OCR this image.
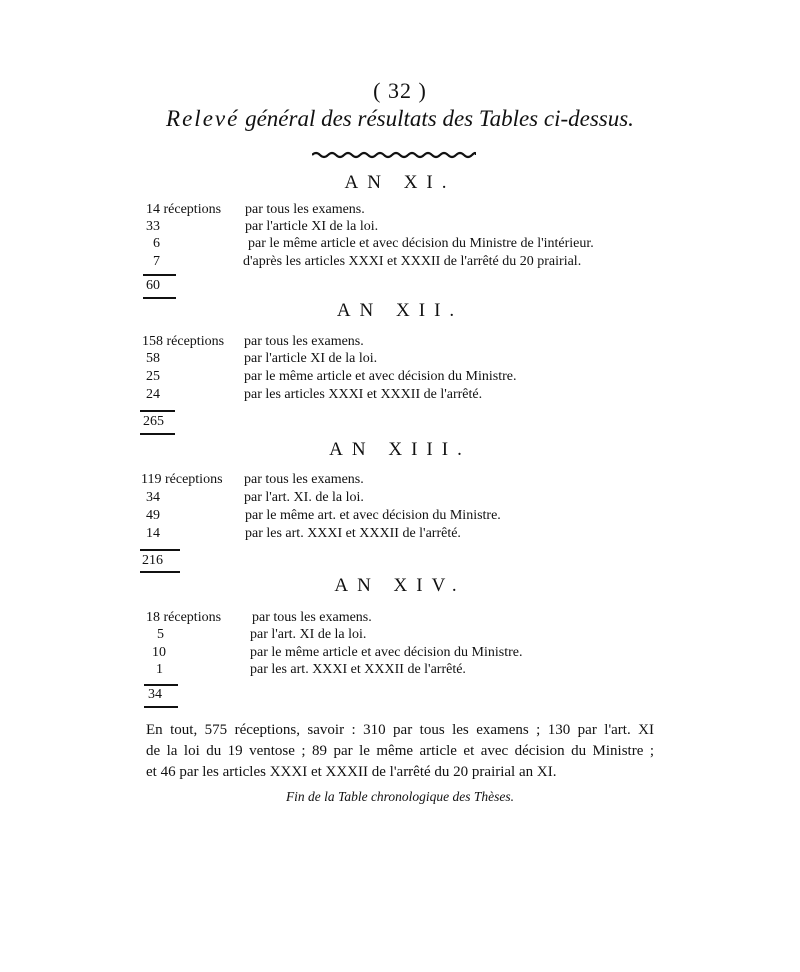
( 32 )
Relevé général des résultats des Tables ci-dessus.
AN XI.
14 réceptions par tous les examens.
33	par l'article XI de la loi.
6	par le même article et avec décision du Ministre de l'intérieur.
7	d'après les articles XXXI et XXXII de l'arrêté du 20 prairial.
60
AN XII.
158 réceptions par tous les examens.
58	par l'article XI de la loi.
25	par le même article et avec décision du Ministre.
24	par les articles XXXI et XXXII de l'arrêté.
265
AN XIII.
119 réceptions par tous les examens.
34	par l'art. XI. de la loi.
49	par le même art. et avec décision du Ministre.
14	par les art. XXXI et XXXII de l'arrêté.
216
AN XIV.
18 réceptions par tous les examens.
5	par l'art. XI de la loi.
10	par le même article et avec décision du Ministre.
1	par les art. XXXI et XXXII de l'arrêté.
34
En tout, 575 réceptions, savoir : 310 par tous les examens ; 130 par l'art. XI
de la loi du 19 ventose ; 89 par le même article et avec décision du Ministre ;
et 46 par les articles XXXI et XXXII de l'arrêté du 20 prairial an XI.
Fin de la Table chronologique des Thèses.
